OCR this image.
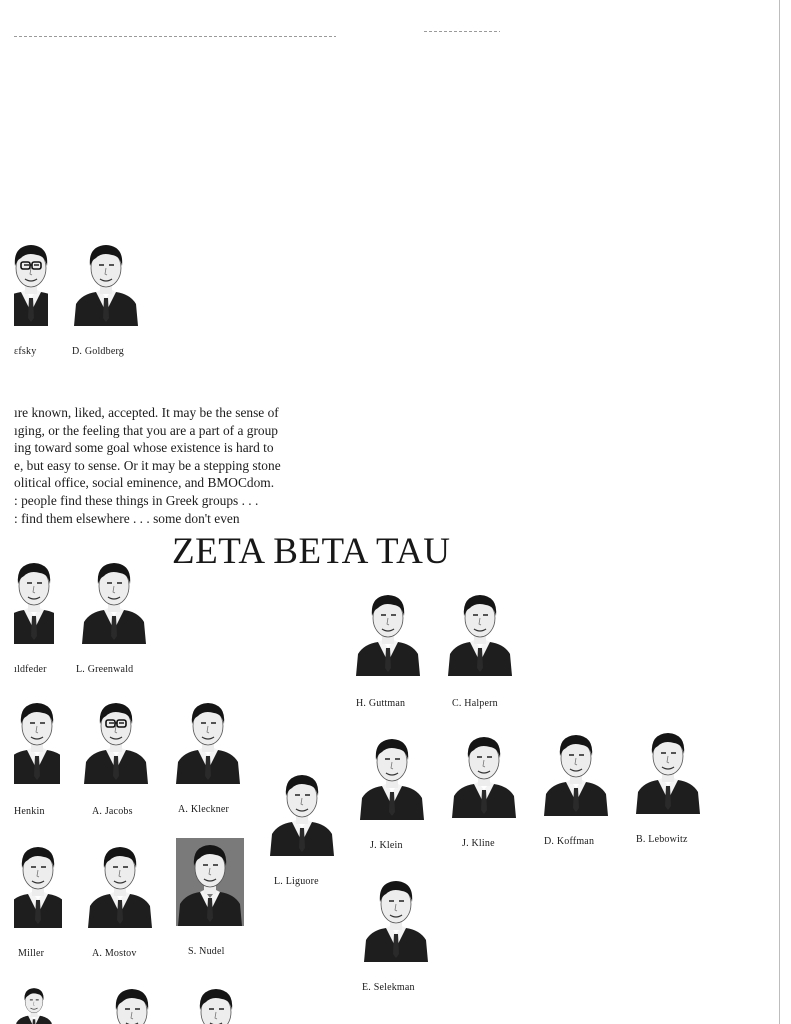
ɛfsky	D. Goldberg
ıre known, liked, accepted. It may be the sense of
ıging, or the feeling that you are a part of a group
ing toward some goal whose existence is hard to
e, but easy to sense. Or it may be a stepping stone
olitical office, social eminence, and BMOCdom.
: people find these things in Greek groups . . .
: find them elsewhere . . . some don't even
ZETA BETA TAU
ıldfeder	L. Greenwald
H. Guttman	C. Halpern
Henkin	A. Jacobs	A. Kleckner
L. Liguore
J. Klein	J. Kline	D. Koffman	B. Lebowitz
Miller	A. Mostov	S. Nudel
E. Selekman
